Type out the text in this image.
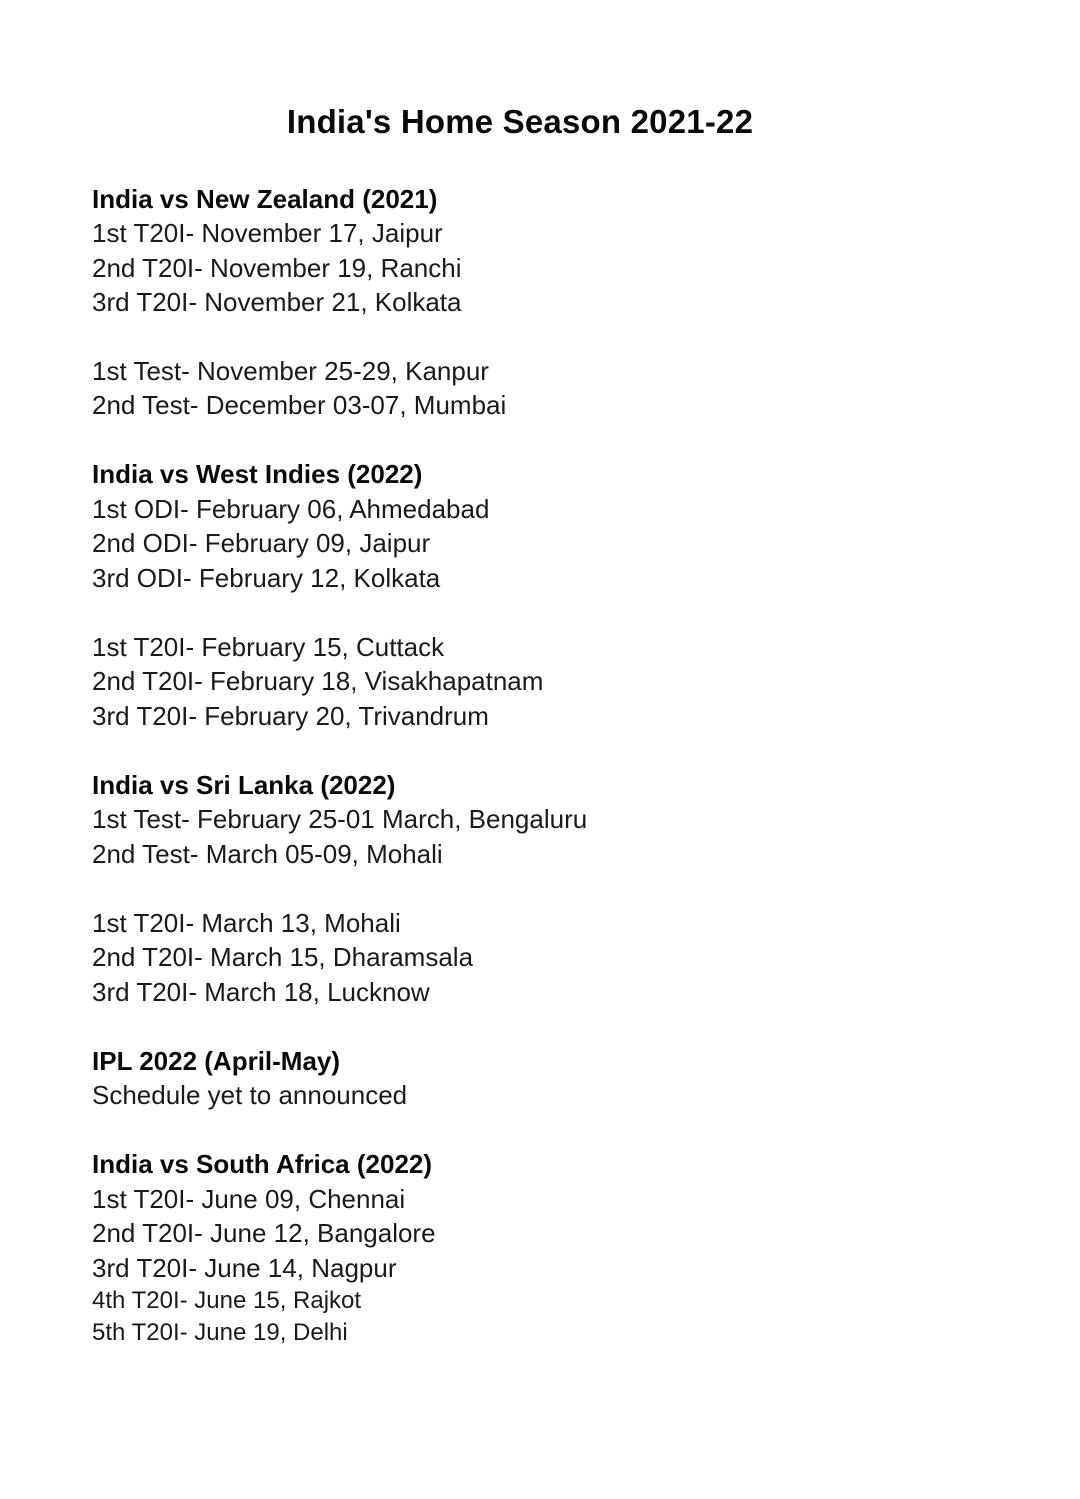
India's Home Season 2021-22
India vs New Zealand (2021)
1st T20I- November 17, Jaipur
2nd T20I- November 19, Ranchi
3rd T20I- November 21, Kolkata
1st Test- November 25-29, Kanpur
2nd Test- December 03-07, Mumbai
India vs West Indies (2022)
1st ODI- February 06, Ahmedabad
2nd ODI- February 09, Jaipur
3rd ODI- February 12, Kolkata
1st T20I- February 15, Cuttack
2nd T20I- February 18, Visakhapatnam
3rd T20I- February 20, Trivandrum
India vs Sri Lanka (2022)
1st Test- February 25-01 March, Bengaluru
2nd Test- March 05-09, Mohali
1st T20I- March 13, Mohali
2nd T20I- March 15, Dharamsala
3rd T20I- March 18, Lucknow
IPL 2022 (April-May)
Schedule yet to announced
India vs South Africa (2022)
1st T20I- June 09, Chennai
2nd T20I- June 12, Bangalore
3rd T20I- June 14, Nagpur
4th T20I- June 15, Rajkot
5th T20I- June 19, Delhi
